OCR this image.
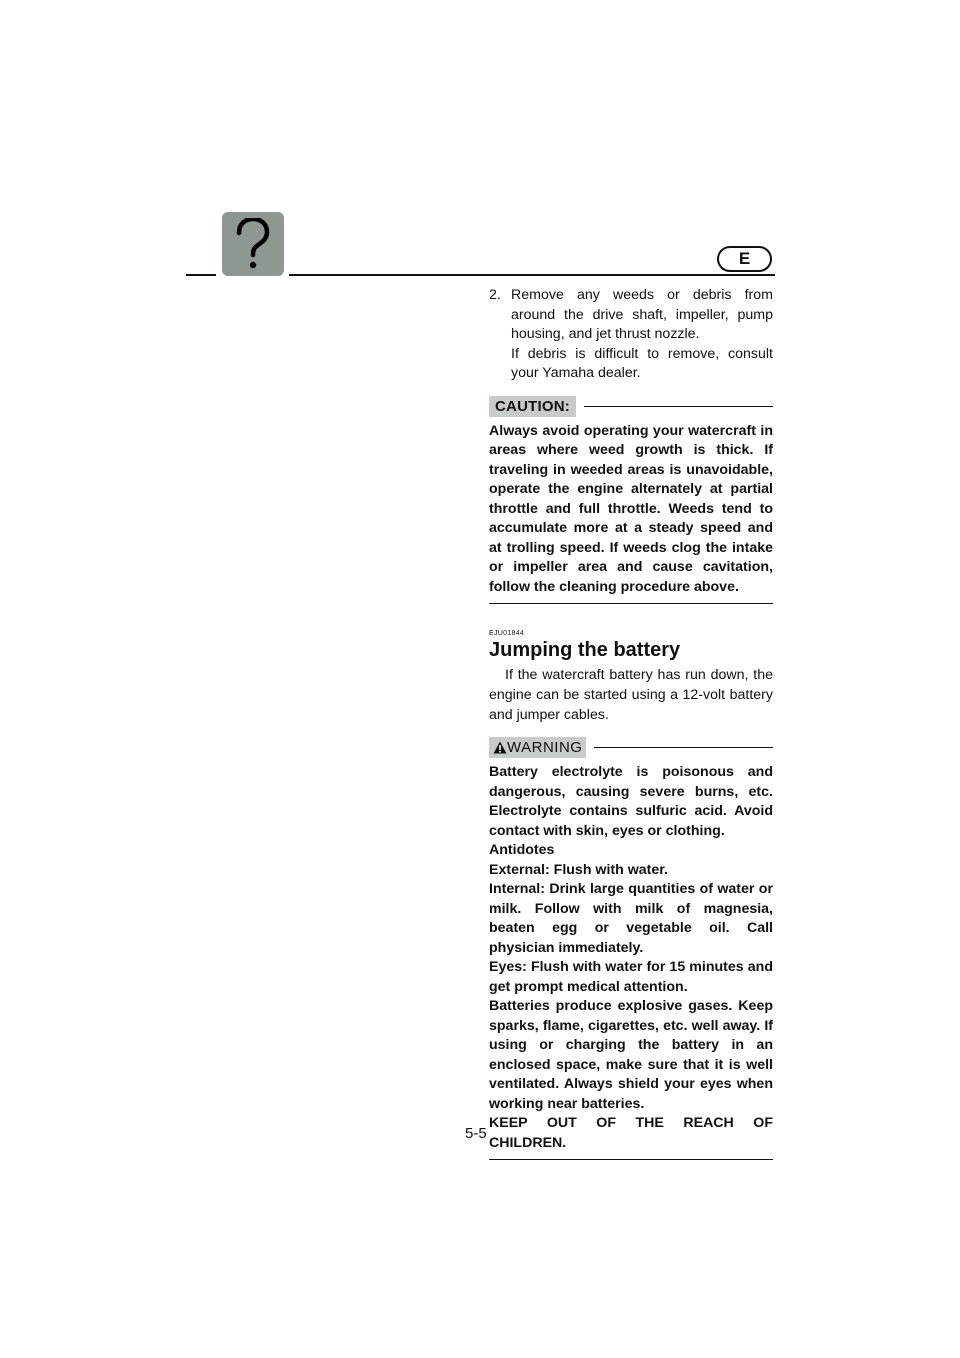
E
2. Remove any weeds or debris from around the drive shaft, impeller, pump housing, and jet thrust nozzle.

If debris is difficult to remove, consult your Yamaha dealer.

CAUTION:

Always avoid operating your watercraft in areas where weed growth is thick. If traveling in weeded areas is unavoidable, operate the engine alternately at partial throttle and full throttle. Weeds tend to accumulate more at a steady speed and at trolling speed. If weeds clog the intake or impeller area and cause cavitation, follow the cleaning procedure above.

EJU01844
Jumping the battery

If the watercraft battery has run down, the engine can be started using a 12-volt battery and jumper cables.

WARNING

Battery electrolyte is poisonous and dangerous, causing severe burns, etc. Electrolyte contains sulfuric acid. Avoid contact with skin, eyes or clothing.

Antidotes

External: Flush with water.

Internal: Drink large quantities of water or milk. Follow with milk of magnesia, beaten egg or vegetable oil. Call physician immediately.

Eyes: Flush with water for 15 minutes and get prompt medical attention.

Batteries produce explosive gases. Keep sparks, flame, cigarettes, etc. well away. If using or charging the battery in an enclosed space, make sure that it is well ventilated. Always shield your eyes when working near batteries.

KEEP OUT OF THE REACH OF CHILDREN.

5-5
